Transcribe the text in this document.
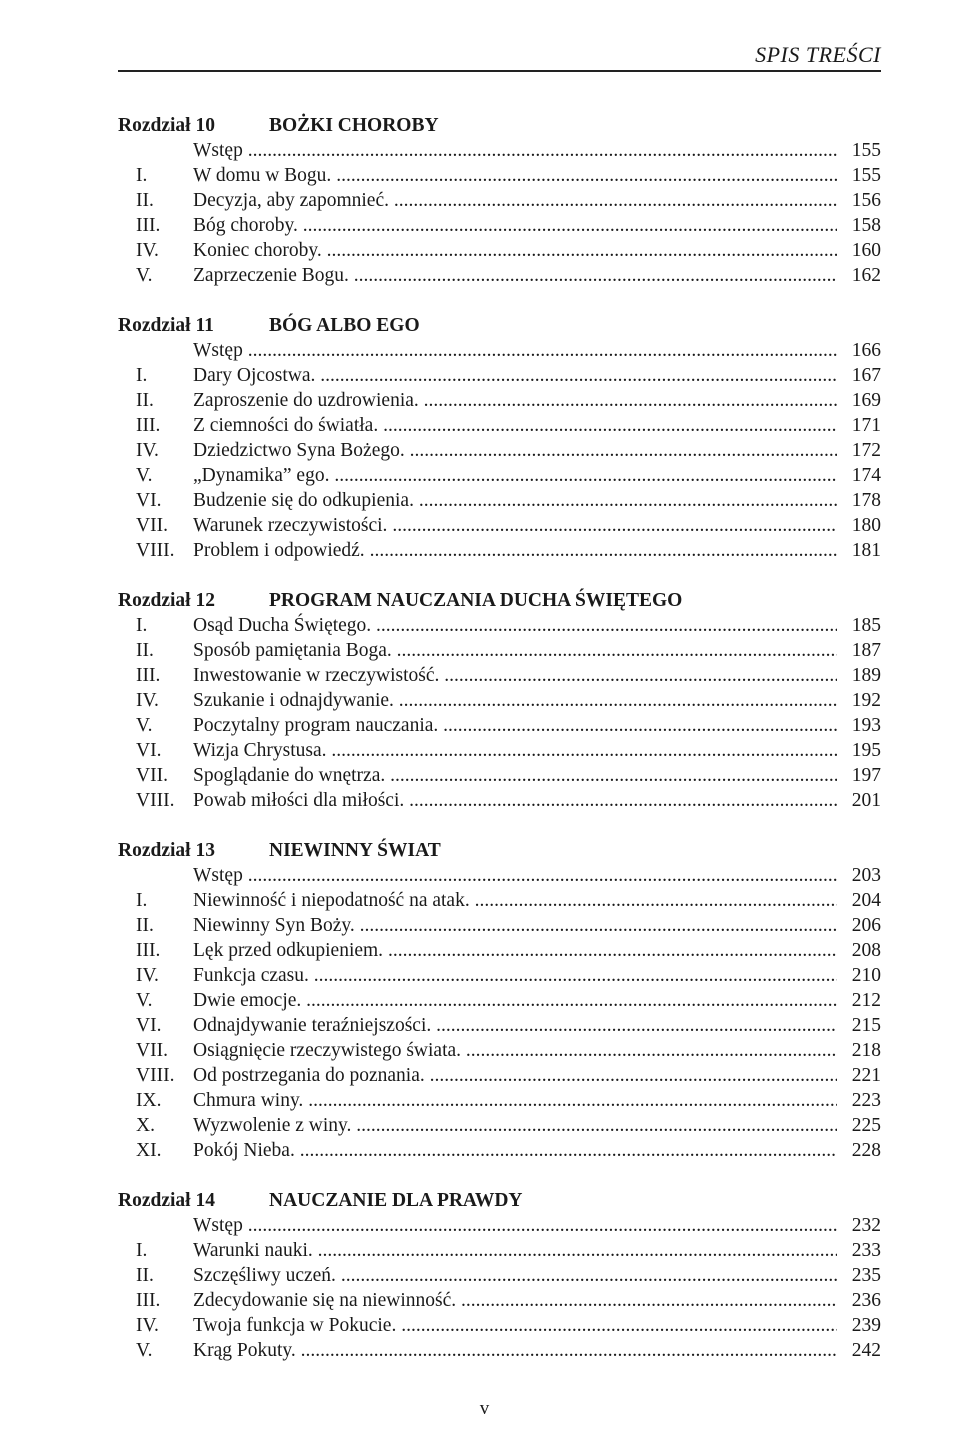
SPIS TREŚCI
Rozdział 10	BOŻKI CHOROBY
Wstęp .....	155
I.	W domu w Bogu. .....	155
II.	Decyzja, aby zapomnieć. .....	156
III.	Bóg choroby. .....	158
IV.	Koniec choroby. .....	160
V.	Zaprzeczenie Bogu. .....	162
Rozdział 11	BÓG ALBO EGO
Wstęp .....	166
I.	Dary Ojcostwa. .....	167
II.	Zaproszenie do uzdrowienia. .....	169
III.	Z ciemności do światła. .....	171
IV.	Dziedzictwo Syna Bożego. .....	172
V.	„Dynamika” ego. .....	174
VI.	Budzenie się do odkupienia. .....	178
VII.	Warunek rzeczywistości. .....	180
VIII. Problem i odpowiedź. .....	181
Rozdział 12	PROGRAM NAUCZANIA DUCHA ŚWIĘTEGO
I.	Osąd Ducha Świętego. .....	185
II.	Sposób pamiętania Boga. .....	187
III.	Inwestowanie w rzeczywistość. .....	189
IV.	Szukanie i odnajdywanie. .....	192
V.	Poczytalny program nauczania. .....	193
VI.	Wizja Chrystusa. .....	195
VII.	Spoglądanie do wnętrza. .....	197
VIII. Powab miłości dla miłości. .....	201
Rozdział 13	NIEWINNY ŚWIAT
Wstęp .....	203
I.	Niewinność i niepodatność na atak. .....	204
II.	Niewinny Syn Boży. .....	206
III.	Lęk przed odkupieniem. .....	208
IV.	Funkcja czasu. .....	210
V.	Dwie emocje. .....	212
VI.	Odnajdywanie teraźniejszości. .....	215
VII.	Osiągnięcie rzeczywistego świata. .....	218
VIII. Od postrzegania do poznania. .....	221
IX.	Chmura winy. .....	223
X.	Wyzwolenie z winy. .....	225
XI.	Pokój Nieba. .....	228
Rozdział 14	NAUCZANIE DLA PRAWDY
Wstęp .....	232
I.	Warunki nauki. .....	233
II.	Szczęśliwy uczeń. .....	235
III.	Zdecydowanie się na niewinność. .....	236
IV.	Twoja funkcja w Pokucie. .....	239
V.	Krąg Pokuty. .....	242
v
